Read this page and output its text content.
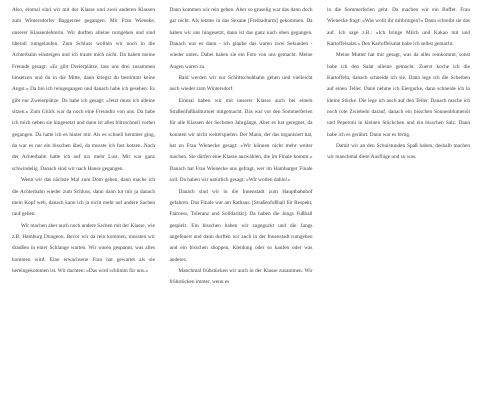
Also, einmal sind wir mit der Klasse und zwei anderen Klassen zum Wintersdorfer Baggersee gegangen. Mit Frau Wieneke, unserer Klassenlehrerin. Wir durften alleine rumgehen und sind überall rumgelaufen. Zum Schluss wollten wir noch in die Achterbahn einsteigen und ich traute mich nicht. Da haben meine Freunde gesagt: »Es gibt Dreierplätze, lass uns drei zusammen hinsetzen und du in die Mitte, dann kriegst du bestimmt keine Angst.« Da bin ich reingegangen und danach habe ich gesehen: Es gibt nur Zweierplätze. Da habe ich gesagt: »Jetzt muss ich alleine sitzen.« Zum Glück war da noch eine Freundin von uns. Da habe ich mich neben sie hingesetzt und dann ist alles blitzschnell vorbei gegangen. Da hatte ich es hinter mir. Als es schnell herunter ging, da war es nur ein bisschen übel, da musste ich fast kotzen. Nach der Achterbahn hatte ich auf nix mehr Lust. Mir war ganz schwindelig. Danach sind wir nach Hause gegangen.

Wenn wir das nächste Mal zum Dom gehen, dann mache ich die Achterbahn wieder zum Schluss, dann dann tut mir ja danach mein Kopf weh, danach kann ich ja nicht mehr auf andere Sachen rauf gehen.

Wir machen aber auch noch andere Sachen mit der Klasse, wie z.B. Hamburg Dungeon. Bevor wir da rein kommen, mussten wir draußen in einer Schlange warten. Wir waren gespannt, was alles kommen wird. Eine erwachsene Frau hat gewartet als sie hereingekommen ist. Wir dachten: »Das wird schlimm für uns.«

Dann kommen wir rein gehen. Aber so gruselig war das dann doch gar nicht. Als letztes in das Sexane [Freibadturm] gekommen. Da haben wir uns hingesetzt, dann ist das ganz nach oben gegangen. Danach war es dann - ich glaube das waren zwei Sekunden - wieder unten. Dabei haben sie ein Foto von uns gemacht. Meine Augen waren zu.

Bald werden wir zur Schlittschuhbahn gehen und vielleicht auch wieder zum Wintersdorf.

Einmal haben wir mit unserer Klasse auch bei einem Straßenfußballturnier mitgemacht. Das war vor den Sommerferien für alle Klassen der Sechsten Jahrgänge. Aber es hat geregnet, da konnten wir nicht weiterspielen. Der Mann, der das organisiert hat, hat zu Frau Wienecke gesagt: »Wir können nicht mehr weiter machen. Sie dürfen eine Klasse auswählen, die im Finale kommt.« Danach hat Frau Wienecke uns gefragt, wer im Hamburger Finale soll. Da haben wir natürlich gesagt: »Wir wollen dahin!«

Danach sind wir in die Innenstadt zum Hauptbahnhof gefahren. Das Finale war am Rathaus. [Straßenfußball für Respekt, Fairness, Toleranz und Solidarität]. Da haben die Jungs Fußball gespielt. Ein bisschen haben wir zugeguckt und die Jungs angefeuert und dann durften wir auch in der Innenstadt rumgehen und ein bisschen shoppen, Kleidung oder so kaufen oder was anderes.

Manchmal frühstücken wir auch in der Klasse zusammen. Wir frühstücken immer, wenn es

in die Sommerferien geht. Da machen wir ein Buffet. Frau Wienecke fragt: »Was wollt ihr mitbringen?« Dann schreibt sie das auf. Ich sage z.B.: »Ich bringe Milch und Kakao mit und Kartoffelsalat.« Den Kartoffelsalat habe ich selbst gemacht.

Meine Mutter hat mir gesagt, was da alles reinkommt, sonst habe ich den Salat alleine gemacht. Zuerst koche ich die Kartoffeln, danach schneide ich sie. Dann lege ich die Scheiben auf einen Teller. Dann nehme ich Eiergurke, dann schneide ich in kleine Stücke. Die lege ich auch auf den Teller. Danach mache ich noch rote Zwiebeln darauf, danach ein bisschen Sonnenblumenöl und Peperoni in kleinen Stückchen und ein bisschen Salz. Dann habe ich es gerührt. Dann war es fertig.

Damit wir an den Schulstunden Spaß haben, deshalb machen wir manchmal diese Ausflüge und so was.
